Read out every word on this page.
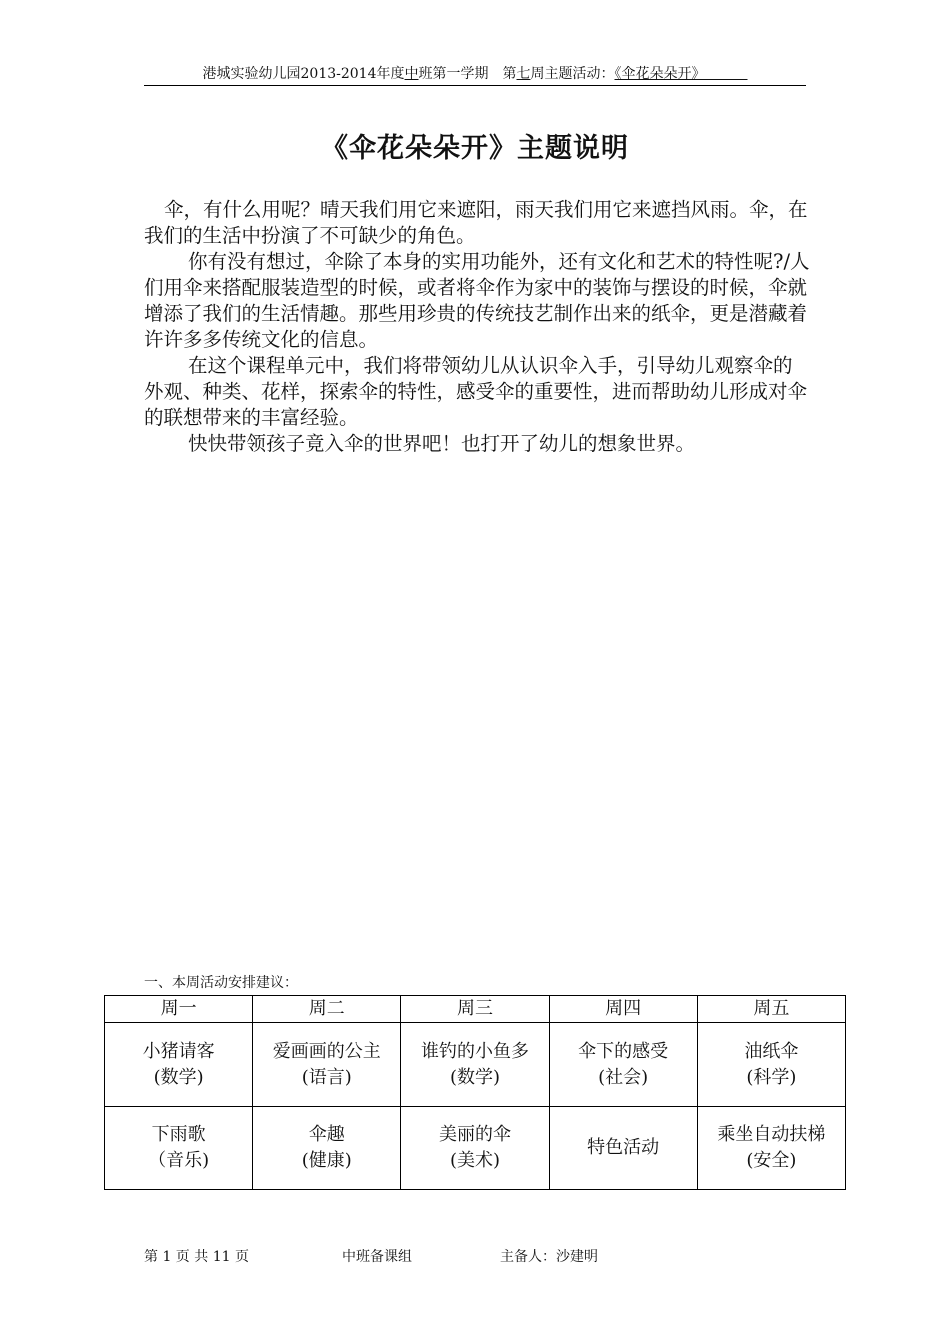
港城实验幼儿园2013-2014年度中班第一学期　第七周主题活动：《伞花朵朵开》   
《伞花朵朵开》主题说明

伞，有什么用呢？晴天我们用它来遮阳，雨天我们用它来遮挡风雨。伞，在我们的生活中扮演了不可缺少的角色。

你有没有想过，伞除了本身的实用功能外，还有文化和艺术的特性呢?/人们用伞来搭配服装造型的时候，或者将伞作为家中的装饰与摆设的时候，伞就增添了我们的生活情趣。那些用珍贵的传统技艺制作出来的纸伞，更是潜藏着许许多多传统文化的信息。

在这个课程单元中，我们将带领幼儿从认识伞入手，引导幼儿观察伞的外观、种类、花样，探索伞的特性，感受伞的重要性，进而帮助幼儿形成对伞的联想带来的丰富经验。

快快带领孩子竟入伞的世界吧！也打开了幼儿的想象世界。

一、本周活动安排建议：
周一	周二	周三	周四	周五

小猪请客
(数学)	爱画画的公主
(语言)	谁钓的小鱼多
(数学)	伞下的感受
(社会)	油纸伞
(科学)

下雨歌
（音乐)	伞趣
(健康)	美丽的伞
(美术)	特色活动	乘坐自动扶梯
(安全)
第 1 页 共 11 页	中班备课组	主备人：沙建明
